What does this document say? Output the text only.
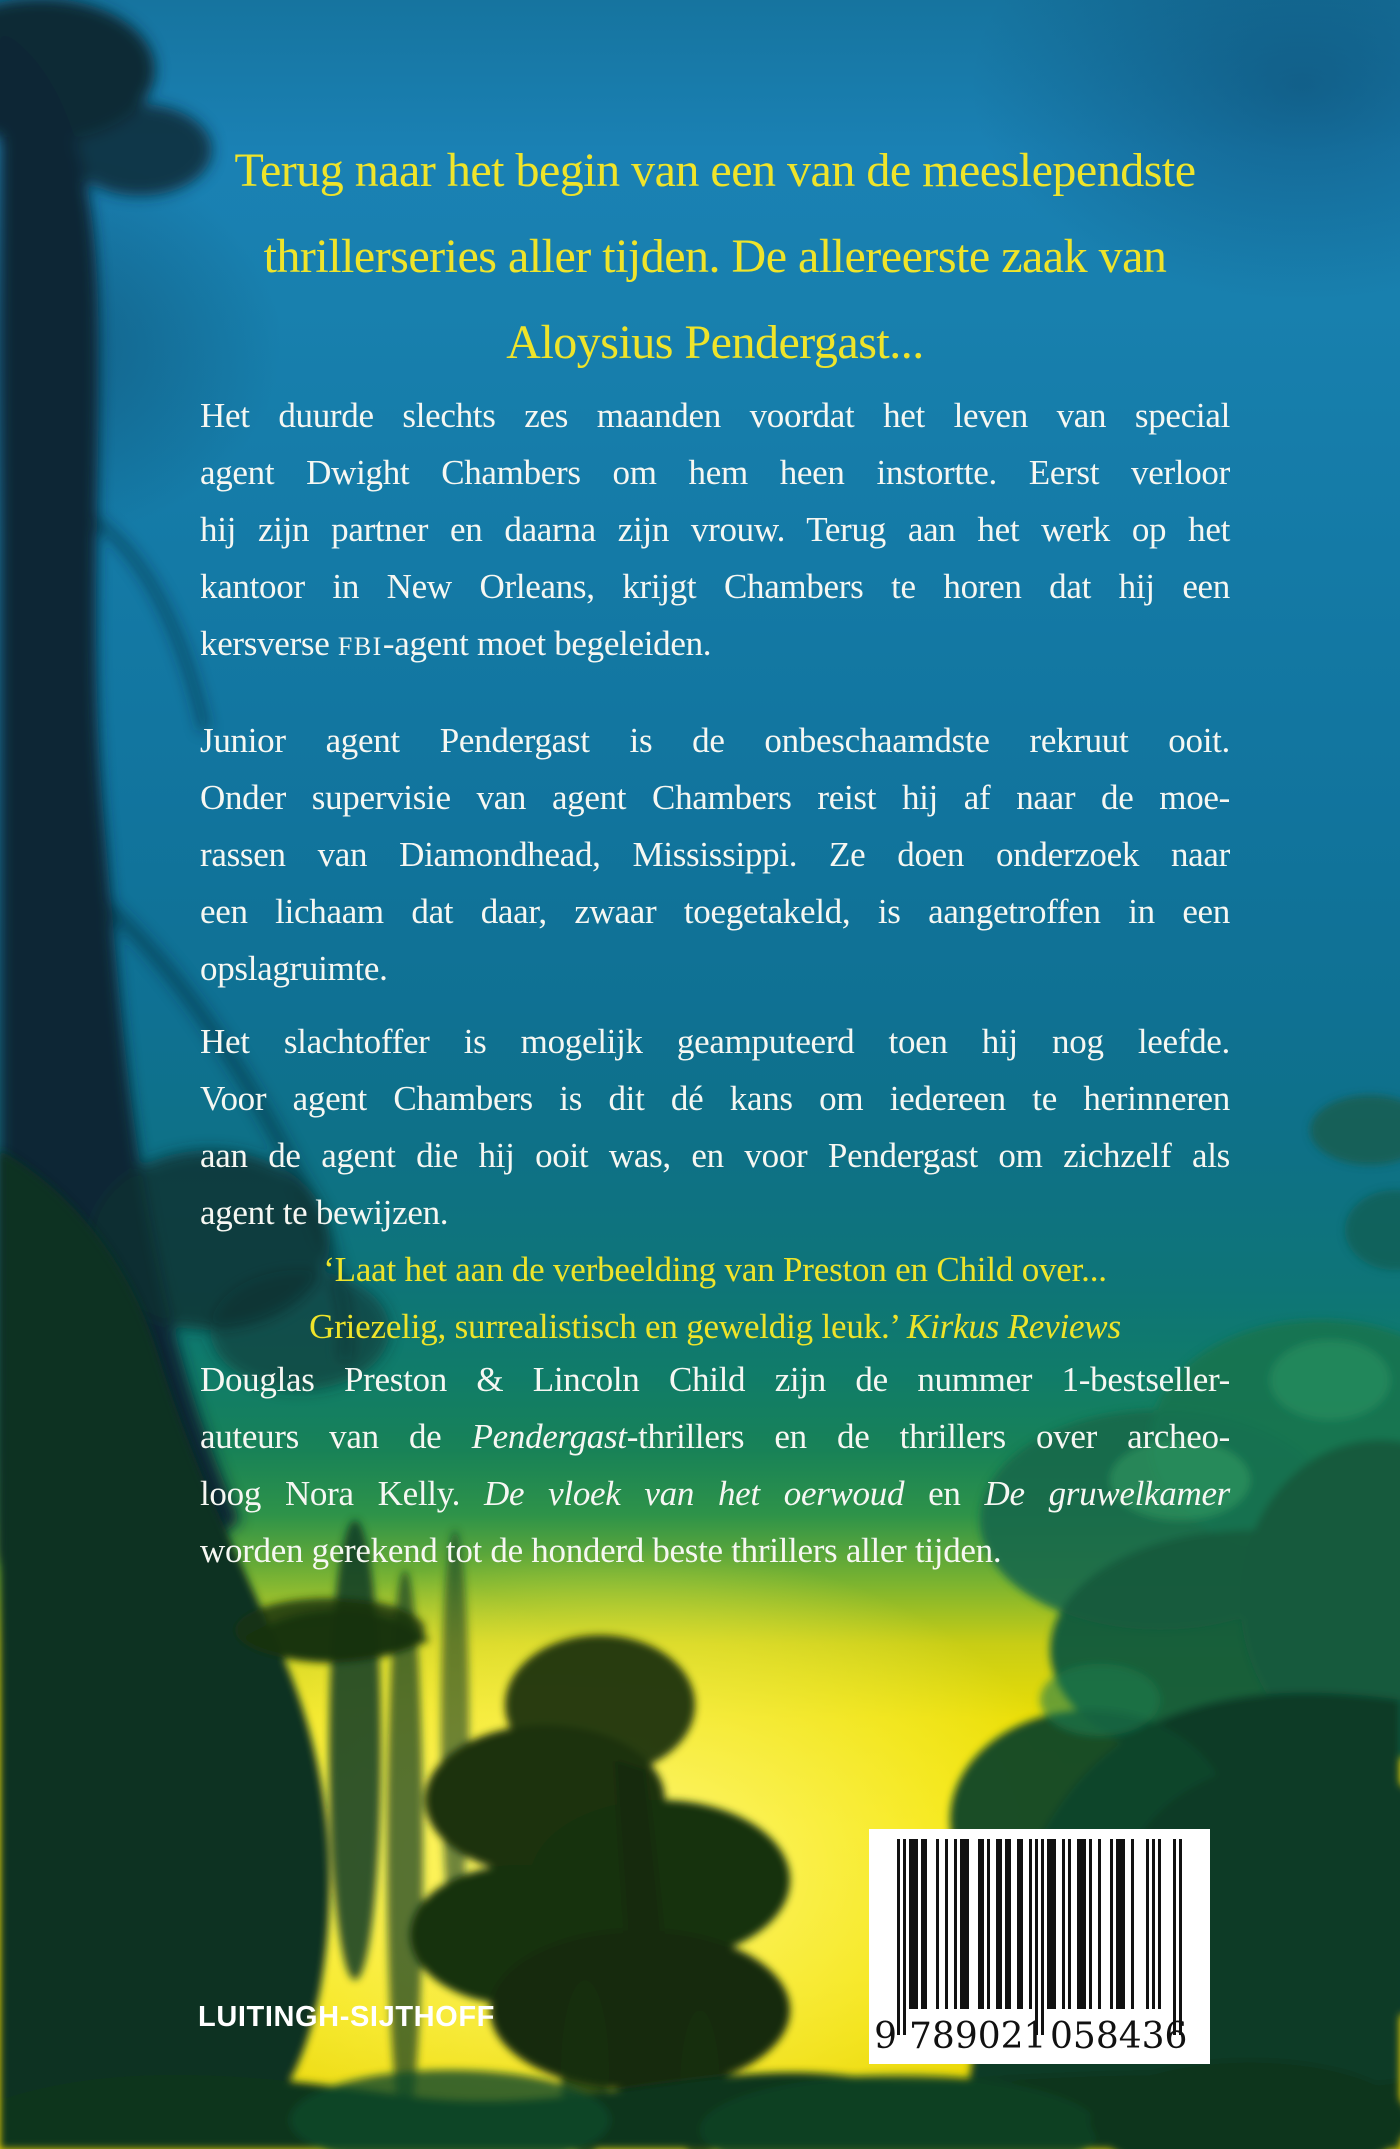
Terug naar het begin van een van de meeslependste
thrillerseries aller tijden. De allereerste zaak van
Aloysius Pendergast...
Het duurde slechts zes maanden voordat het leven van special
agent Dwight Chambers om hem heen instortte. Eerst verloor
hij zijn partner en daarna zijn vrouw. Terug aan het werk op het
kantoor in New Orleans, krijgt Chambers te horen dat hij een
kersverse FBI-agent moet begeleiden.
Junior agent Pendergast is de onbeschaamdste rekruut ooit.
Onder supervisie van agent Chambers reist hij af naar de moe-
rassen van Diamondhead, Mississippi. Ze doen onderzoek naar
een lichaam dat daar, zwaar toegetakeld, is aangetroffen in een
opslagruimte.
Het slachtoffer is mogelijk geamputeerd toen hij nog leefde.
Voor agent Chambers is dit dé kans om iedereen te herinneren
aan de agent die hij ooit was, en voor Pendergast om zichzelf als
agent te bewijzen.
‘Laat het aan de verbeelding van Preston en Child over...
Griezelig, surrealistisch en geweldig leuk.’ Kirkus Reviews
Douglas Preston & Lincoln Child zijn de nummer 1-bestseller-
auteurs van de Pendergast-thrillers en de thrillers over archeo-
loog Nora Kelly. De vloek van het oerwoud en De gruwelkamer
worden gerekend tot de honderd beste thrillers aller tijden.
LUITINGH-SIJTHOFF	9 7 8 9 0 2 1 0 5 8 4 3 6
